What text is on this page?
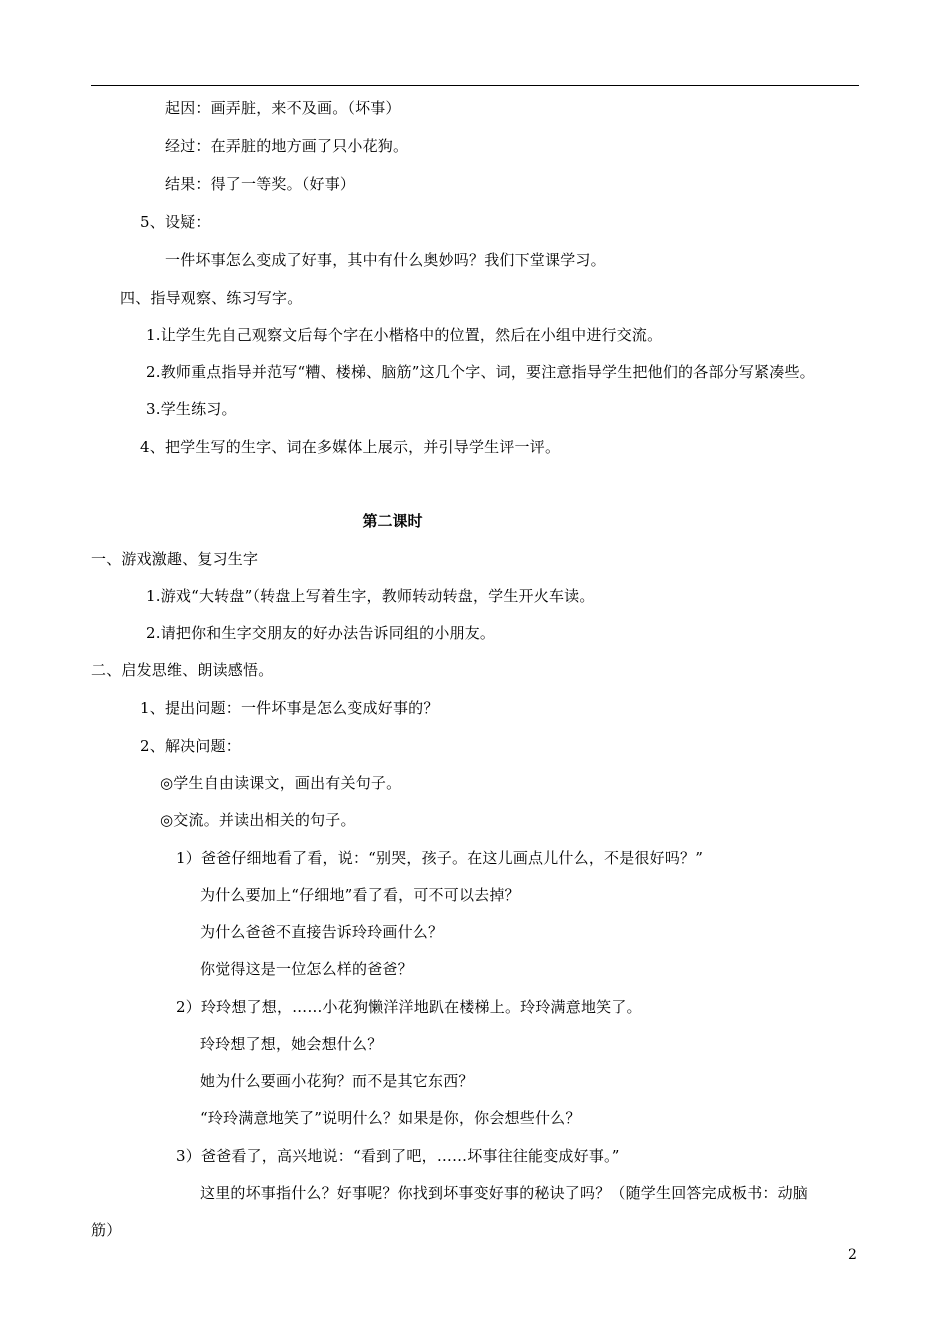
起因：画弄脏，来不及画。（坏事）
经过：在弄脏的地方画了只小花狗。
结果：得了一等奖。（好事）
5、设疑：
一件坏事怎么变成了好事，其中有什么奥妙吗？我们下堂课学习。
四、指导观察、练习写字。
1.让学生先自己观察文后每个字在小楷格中的位置，然后在小组中进行交流。
2.教师重点指导并范写“糟、楼梯、脑筋”这几个字、词，要注意指导学生把他们的各部分写紧凑些。
3.学生练习。
4、把学生写的生字、词在多媒体上展示，并引导学生评一评。
第二课时
一、游戏激趣、复习生字
1.游戏“大转盘”（转盘上写着生字，教师转动转盘，学生开火车读。
2.请把你和生字交朋友的好办法告诉同组的小朋友。
二、启发思维、朗读感悟。
1、提出问题：一件坏事是怎么变成好事的？
2、解决问题：
◎学生自由读课文，画出有关句子。
◎交流。并读出相关的句子。
1）爸爸仔细地看了看，说：“别哭，孩子。在这儿画点儿什么，不是很好吗？”
为什么要加上“仔细地”看了看，可不可以去掉？
为什么爸爸不直接告诉玲玲画什么？
你觉得这是一位怎么样的爸爸？
2）玲玲想了想，……小花狗懒洋洋地趴在楼梯上。玲玲满意地笑了。
玲玲想了想，她会想什么？
她为什么要画小花狗？而不是其它东西？
“玲玲满意地笑了”说明什么？如果是你，你会想些什么？
3）爸爸看了，高兴地说：“看到了吧，……坏事往往能变成好事。”
这里的坏事指什么？好事呢？你找到坏事变好事的秘诀了吗？（随学生回答完成板书：动脑
筋）
2
